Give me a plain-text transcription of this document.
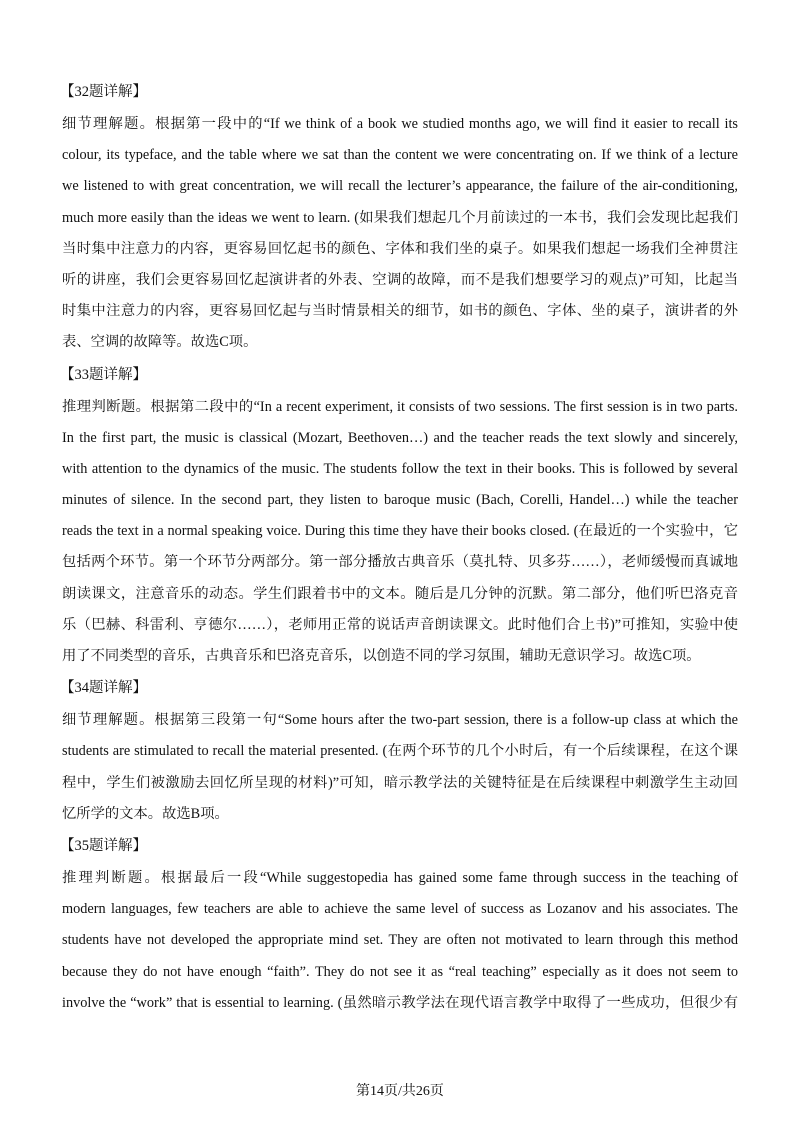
【32题详解】
细节理解题。根据第一段中的“If we think of a book we studied months ago, we will find it easier to recall its
colour, its typeface, and the table where we sat than the content we were concentrating on. If we think of a lecture
we listened to with great concentration, we will recall the lecturer’s appearance, the failure of the air-conditioning,
much more easily than the ideas we went to learn. (如果我们想起几个月前读过的一本书，我们会发现比起我们
当时集中注意力的内容，更容易回忆起书的颜色、字体和我们坐的桌子。如果我们想起一场我们全神贯注
听的讲座，我们会更容易回忆起演讲者的外表、空调的故障，而不是我们想要学习的观点)”可知，比起当
时集中注意力的内容，更容易回忆起与当时情景相关的细节，如书的颜色、字体、坐的桌子，演讲者的外
表、空调的故障等。故选C项。
【33题详解】
推理判断题。根据第二段中的“In a recent experiment, it consists of two sessions. The first session is in two parts.
In the first part, the music is classical (Mozart, Beethoven…) and the teacher reads the text slowly and sincerely,
with attention to the dynamics of the music. The students follow the text in their books. This is followed by several
minutes of silence. In the second part, they listen to baroque music (Bach, Corelli, Handel…) while the teacher
reads the text in a normal speaking voice. During this time they have their books closed. (在最近的一个实验中，它
包括两个环节。第一个环节分两部分。第一部分播放古典音乐（莫扎特、贝多芬……），老师缓慢而真诚地
朗读课文，注意音乐的动态。学生们跟着书中的文本。随后是几分钟的沉默。第二部分，他们听巴洛克音
乐（巴赫、科雷利、亨德尔……），老师用正常的说话声音朗读课文。此时他们合上书)”可推知，实验中使
用了不同类型的音乐，古典音乐和巴洛克音乐，以创造不同的学习氛围，辅助无意识学习。故选C项。
【34题详解】
细节理解题。根据第三段第一句“Some hours after the two-part session, there is a follow-up class at which the
students are stimulated to recall the material presented. (在两个环节的几个小时后，有一个后续课程，在这个课
程中，学生们被激励去回忆所呈现的材料)”可知，暗示教学法的关键特征是在后续课程中刺激学生主动回
忆所学的文本。故选B项。
【35题详解】
推理判断题。根据最后一段“While suggestopedia has gained some fame through success in the teaching of
modern languages, few teachers are able to achieve the same level of success as Lozanov and his associates. The
students have not developed the appropriate mind set. They are often not motivated to learn through this method
because they do not have enough “faith”. They do not see it as “real teaching” especially as it does not seem to
involve the “work” that is essential to learning. (虽然暗示教学法在现代语言教学中取得了一些成功，但很少有
第14页/共26页
